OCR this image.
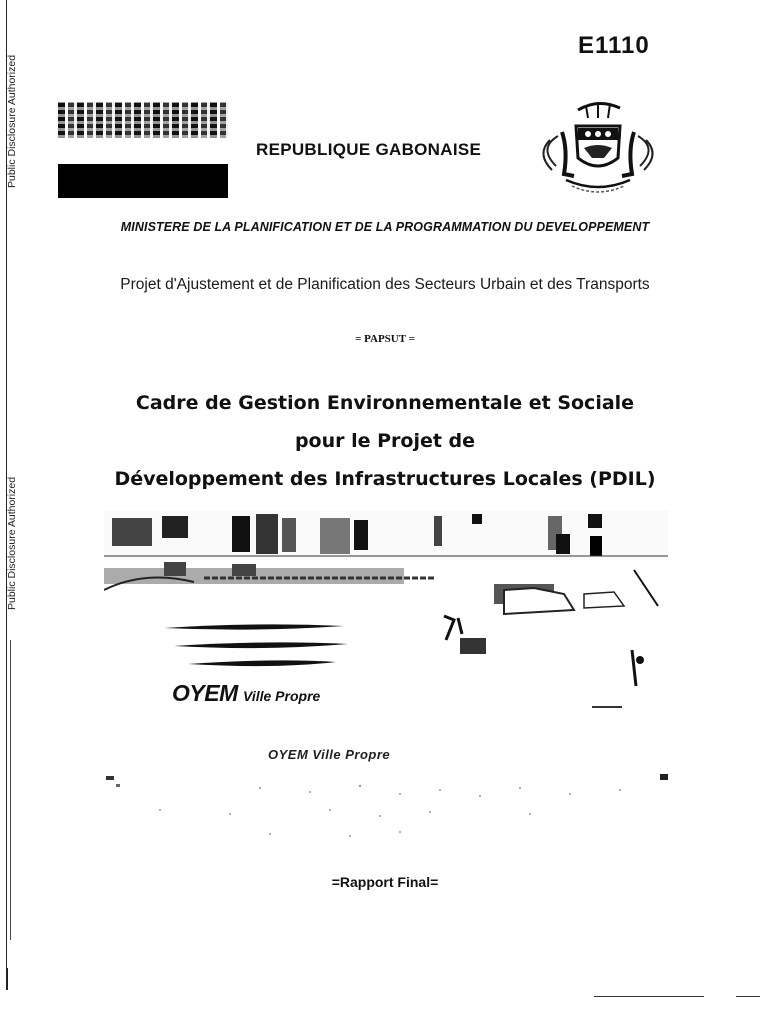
Public Disclosure Authorized
Public Disclosure Authorized
E1110
REPUBLIQUE GABONAISE
MINISTERE DE LA PLANIFICATION ET DE LA PROGRAMMATION DU DEVELOPPEMENT
Projet d'Ajustement et de Planification des Secteurs Urbain et des Transports
= PAPSUT =
Cadre de Gestion Environnementale et Sociale
pour le Projet de
Développement des Infrastructures Locales (PDIL)
OYEM Ville Propre
OYEM Ville Propre
=Rapport Final=
